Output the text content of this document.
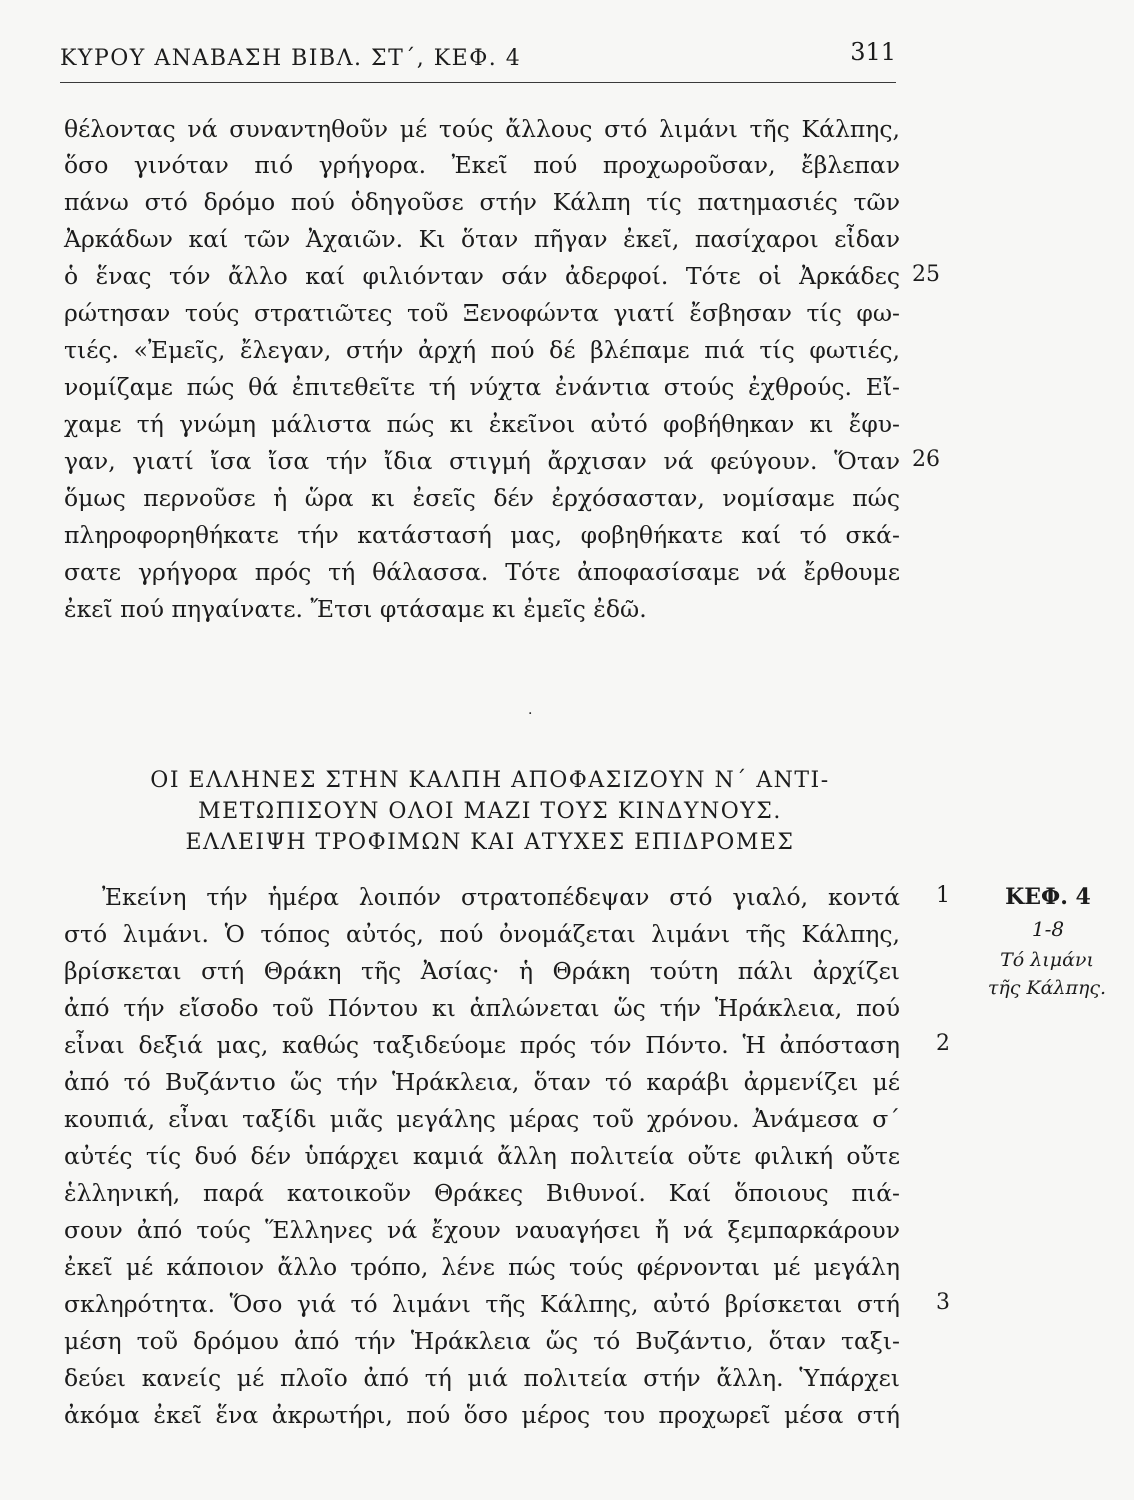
ΚΥΡΟΥ ΑΝΑΒΑΣΗ ΒΙΒΛ. ΣΤ΄, ΚΕΦ. 4	311
θέλοντας νά συναντηθοῦν μέ τούς ἄλλους στό λιμάνι τῆς Κάλπης,
ὅσο γινόταν πιό γρήγορα. Ἐκεῖ πού προχωροῦσαν, ἔβλεπαν
πάνω στό δρόμο πού ὁδηγοῦσε στήν Κάλπη τίς πατημασιές τῶν
Ἀρκάδων καί τῶν Ἀχαιῶν. Κι ὅταν πῆγαν ἐκεῖ, πασίχαροι εἶδαν
ὁ ἕνας τόν ἄλλο καί φιλιόνταν σάν ἀδερφοί. Τότε οἱ Ἀρκάδες
ρώτησαν τούς στρατιῶτες τοῦ Ξενοφώντα γιατί ἔσβησαν τίς φω-
τιές. «Ἐμεῖς, ἔλεγαν, στήν ἀρχή πού δέ βλέπαμε πιά τίς φωτιές,
νομίζαμε πώς θά ἐπιτεθεῖτε τή νύχτα ἐνάντια στούς ἐχθρούς. Εἴ-
χαμε τή γνώμη μάλιστα πώς κι ἐκεῖνοι αὐτό φοβήθηκαν κι ἔφυ-
γαν, γιατί ἴσα ἴσα τήν ἴδια στιγμή ἄρχισαν νά φεύγουν. Ὅταν
ὅμως περνοῦσε ἡ ὥρα κι ἐσεῖς δέν ἐρχόσασταν, νομίσαμε πώς
πληροφορηθήκατε τήν κατάστασή μας, φοβηθήκατε καί τό σκά-
σατε γρήγορα πρός τή θάλασσα. Τότε ἀποφασίσαμε νά ἔρθουμε
ἐκεῖ πού πηγαίνατε. Ἔτσι φτάσαμε κι ἐμεῖς ἐδῶ.
25
26
·
ΟΙ ΕΛΛΗΝΕΣ ΣΤΗΝ ΚΑΛΠΗ ΑΠΟΦΑΣΙΖΟΥΝ Ν΄ ΑΝΤΙ-
ΜΕΤΩΠΙΣΟΥΝ ΟΛΟΙ ΜΑΖΙ ΤΟΥΣ ΚΙΝΔΥΝΟΥΣ.
ΕΛΛΕΙΨΗ ΤΡΟΦΙΜΩΝ ΚΑΙ ΑΤΥΧΕΣ ΕΠΙΔΡΟΜΕΣ
Ἐκείνη τήν ἡμέρα λοιπόν στρατοπέδεψαν στό γιαλό, κοντά
στό λιμάνι. Ὁ τόπος αὐτός, πού ὀνομάζεται λιμάνι τῆς Κάλπης,
βρίσκεται στή Θράκη τῆς Ἀσίας· ἡ Θράκη τούτη πάλι ἀρχίζει
ἀπό τήν εἴσοδο τοῦ Πόντου κι ἁπλώνεται ὥς τήν Ἡράκλεια, πού
εἶναι δεξιά μας, καθώς ταξιδεύομε πρός τόν Πόντο. Ἡ ἀπόσταση
ἀπό τό Βυζάντιο ὥς τήν Ἡράκλεια, ὅταν τό καράβι ἀρμενίζει μέ
κουπιά, εἶναι ταξίδι μιᾶς μεγάλης μέρας τοῦ χρόνου. Ἀνάμεσα σ΄
αὐτές τίς δυό δέν ὑπάρχει καμιά ἄλλη πολιτεία οὔτε φιλική οὔτε
ἑλληνική, παρά κατοικοῦν Θράκες Βιθυνοί. Καί ὅποιους πιά-
σουν ἀπό τούς Ἕλληνες νά ἔχουν ναυαγήσει ἤ νά ξεμπαρκάρουν
ἐκεῖ μέ κάποιον ἄλλο τρόπο, λένε πώς τούς φέρνονται μέ μεγάλη
σκληρότητα. Ὅσο γιά τό λιμάνι τῆς Κάλπης, αὐτό βρίσκεται στή
μέση τοῦ δρόμου ἀπό τήν Ἡράκλεια ὥς τό Βυζάντιο, ὅταν ταξι-
δεύει κανείς μέ πλοῖο ἀπό τή μιά πολιτεία στήν ἄλλη. Ὑπάρχει
ἀκόμα ἐκεῖ ἕνα ἀκρωτήρι, πού ὅσο μέρος του προχωρεῖ μέσα στή
1
2
3
ΚΕΦ. 4
1-8
Τό λιμάνι
τῆς Κάλπης.
